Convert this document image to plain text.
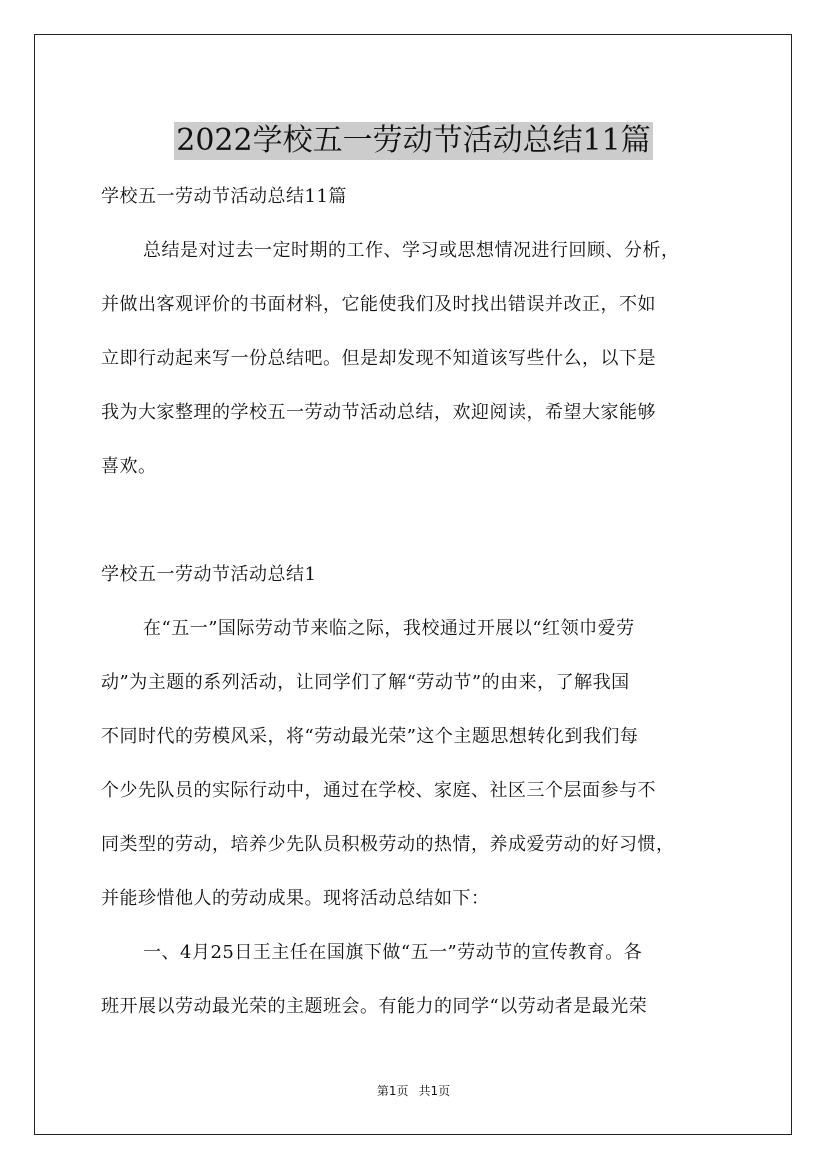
2022学校五一劳动节活动总结11篇

学校五一劳动节活动总结11篇

总结是对过去一定时期的工作、学习或思想情况进行回顾、分析，
并做出客观评价的书面材料，它能使我们及时找出错误并改正，不如
立即行动起来写一份总结吧。但是却发现不知道该写些什么，以下是
我为大家整理的学校五一劳动节活动总结，欢迎阅读，希望大家能够
喜欢。

学校五一劳动节活动总结1

在“五一”国际劳动节来临之际，我校通过开展以“红领巾爱劳
动”为主题的系列活动，让同学们了解“劳动节”的由来，了解我国
不同时代的劳模风采，将“劳动最光荣”这个主题思想转化到我们每
个少先队员的实际行动中，通过在学校、家庭、社区三个层面参与不
同类型的劳动，培养少先队员积极劳动的热情，养成爱劳动的好习惯，
并能珍惜他人的劳动成果。现将活动总结如下：

一、4月25日王主任在国旗下做“五一”劳动节的宣传教育。各
班开展以劳动最光荣的主题班会。有能力的同学“以劳动者是最光荣

第1页 共1页
